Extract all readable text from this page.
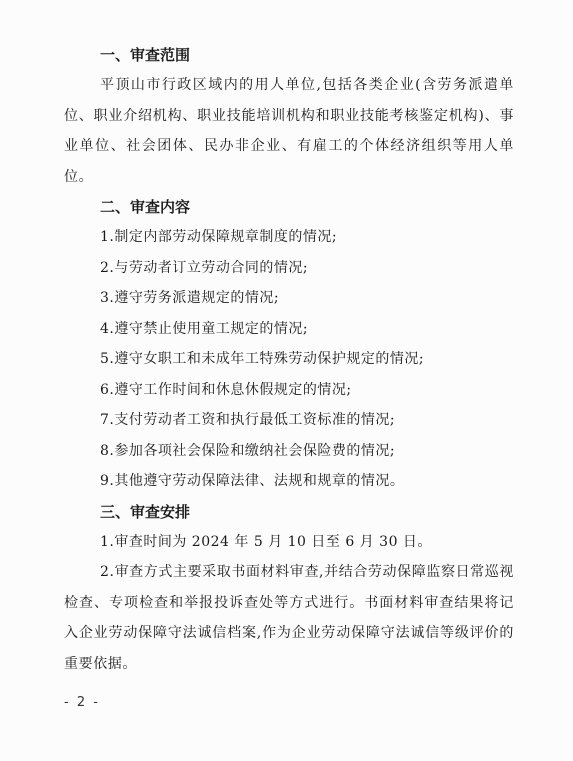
一、审查范围

平顶山市行政区域内的用人单位,包括各类企业(含劳务派遣单位、职业介绍机构、职业技能培训机构和职业技能考核鉴定机构)、事业单位、社会团体、民办非企业、有雇工的个体经济组织等用人单位。

二、审查内容
1.制定内部劳动保障规章制度的情况;
2.与劳动者订立劳动合同的情况;
3.遵守劳务派遣规定的情况;
4.遵守禁止使用童工规定的情况;
5.遵守女职工和未成年工特殊劳动保护规定的情况;
6.遵守工作时间和休息休假规定的情况;
7.支付劳动者工资和执行最低工资标准的情况;
8.参加各项社会保险和缴纳社会保险费的情况;
9.其他遵守劳动保障法律、法规和规章的情况。
三、审查安排
1.审查时间为 2024 年 5 月 10 日至 6 月 30 日。

2.审查方式主要采取书面材料审查,并结合劳动保障监察日常巡视检查、专项检查和举报投诉查处等方式进行。书面材料审查结果将记入企业劳动保障守法诚信档案,作为企业劳动保障守法诚信等级评价的重要依据。

- 2 -
